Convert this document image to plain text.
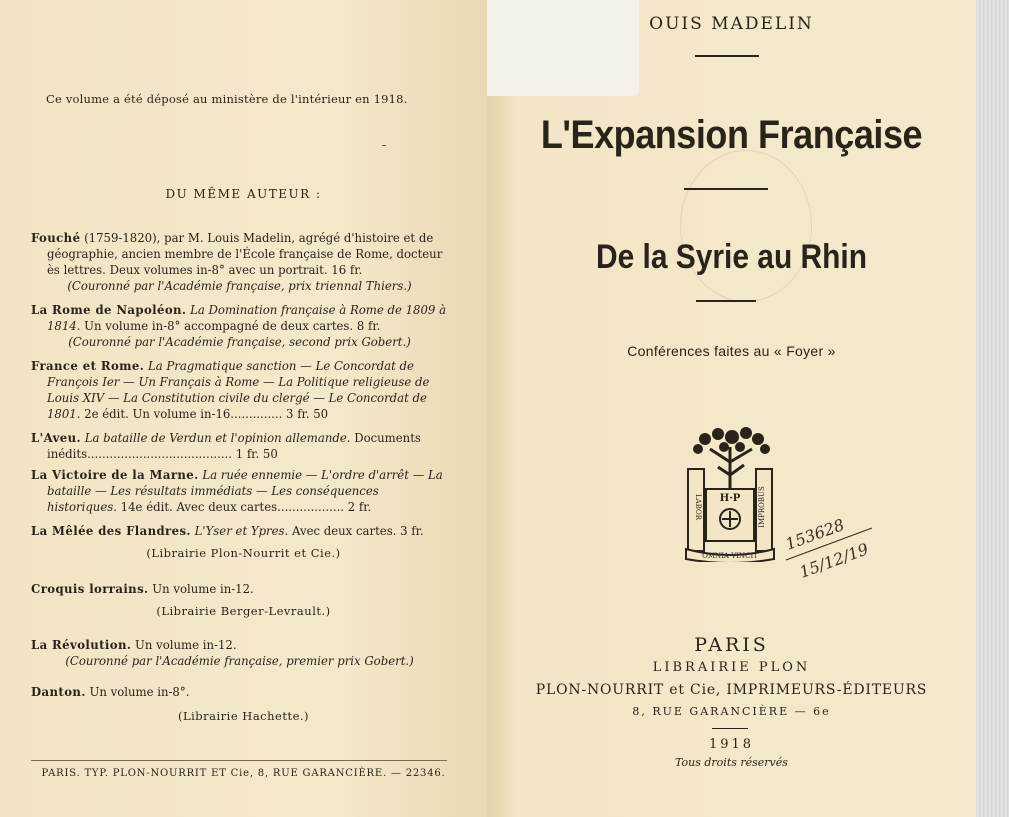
Ce volume a été déposé au ministère de l'intérieur en 1918.
DU MÊME AUTEUR :
Fouché (1759-1820), par M. Louis Madelin, agrégé d'histoire et de géographie, ancien membre de l'École française de Rome, docteur ès lettres. Deux volumes in-8° avec un portrait. 16 fr.
(Couronné par l'Académie française, prix triennal Thiers.)
La Rome de Napoléon. La Domination française à Rome de 1809 à 1814. Un volume in-8° accompagné de deux cartes. 8 fr.
(Couronné par l'Académie française, second prix Gobert.)
France et Rome. La Pragmatique sanction — Le Concordat de François Ier — Un Français à Rome — La Politique religieuse de Louis XIV — La Constitution civile du clergé — Le Concordat de 1801. 2e édit. Un volume in-16.............. 3 fr. 50
L'Aveu. La bataille de Verdun et l'opinion allemande. Documents inédits....................................... 1 fr. 50
La Victoire de la Marne. La ruée ennemie — L'ordre d'arrêt — La bataille — Les résultats immédiats — Les conséquences historiques. 14e édit. Avec deux cartes.................. 2 fr.
La Mêlée des Flandres. L'Yser et Ypres. Avec deux cartes. 3 fr.
(Librairie Plon-Nourrit et Cie.)
Croquis lorrains. Un volume in-12.
(Librairie Berger-Levrault.)
La Révolution. Un volume in-12.
(Couronné par l'Académie française, premier prix Gobert.)
Danton. Un volume in-8°.
(Librairie Hachette.)
PARIS. TYP. PLON-NOURRIT ET Cie, 8, RUE GARANCIÈRE. — 22346.
OUIS MADELIN
L'Expansion Française
De la Syrie au Rhin
Conférences faites au « Foyer »
H·P
LABOR	IMPROBUS
OMNIA VINCIT
153628
15/12/19
PARIS
LIBRAIRIE PLON
PLON-NOURRIT et Cie, IMPRIMEURS-ÉDITEURS
8, RUE GARANCIÈRE — 6e
1918
Tous droits réservés
